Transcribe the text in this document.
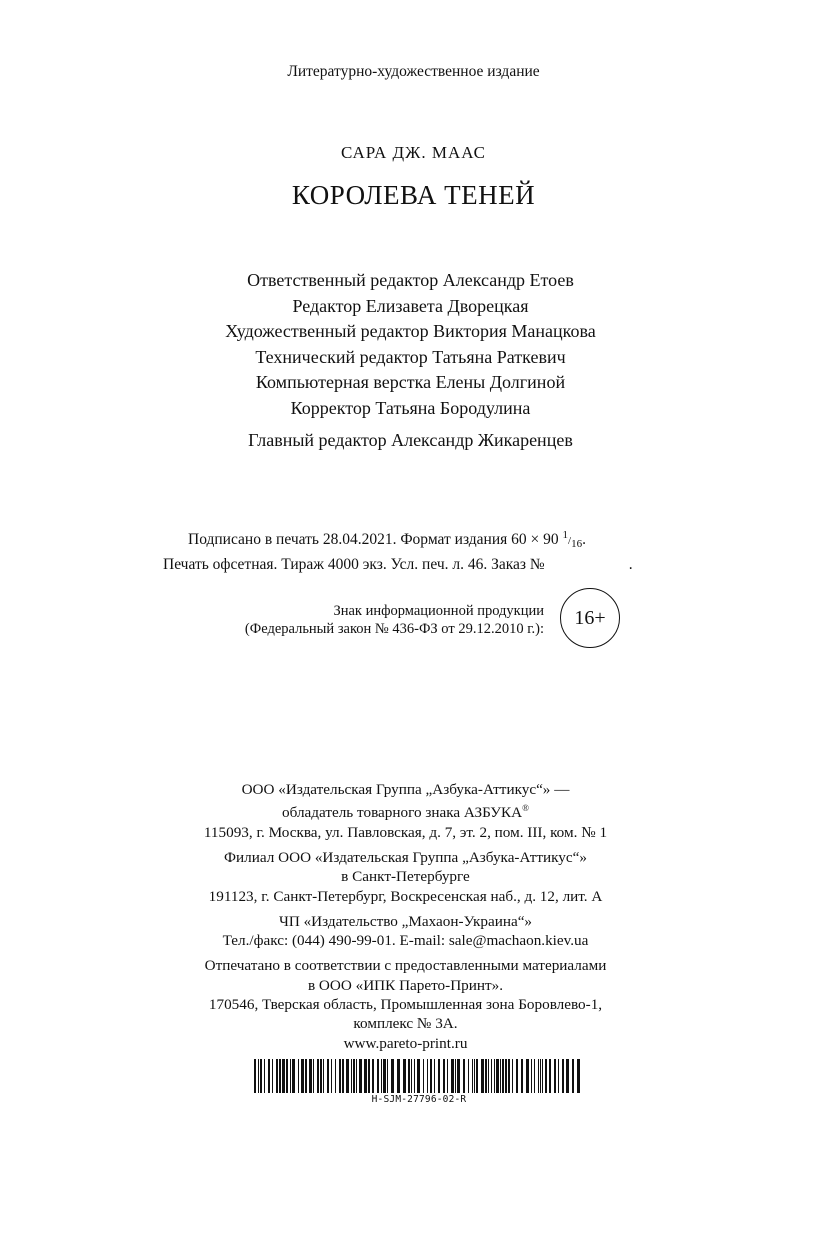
Литературно-художественное издание
САРА ДЖ. МААС
КОРОЛЕВА ТЕНЕЙ
Ответственный редактор Александр Етоев
Редактор Елизавета Дворецкая
Художественный редактор Виктория Манацкова
Технический редактор Татьяна Раткевич
Компьютерная верстка Елены Долгиной
Корректор Татьяна Бородулина
Главный редактор Александр Жикаренцев
Подписано в печать 28.04.2021. Формат издания 60 × 90 1/16.
Печать офсетная. Тираж 4000 экз. Усл. печ. л. 46. Заказ №	.
Знак информационной продукции
(Федеральный закон № 436-ФЗ от 29.12.2010 г.):
16+
ООО «Издательская Группа „Азбука-Аттикус“» —
обладатель товарного знака АЗБУКА®
115093, г. Москва, ул. Павловская, д. 7, эт. 2, пом. III, ком. № 1
Филиал ООО «Издательская Группа „Азбука-Аттикус“»
в Санкт-Петербурге
191123, г. Санкт-Петербург, Воскресенская наб., д. 12, лит. А
ЧП «Издательство „Махаон-Украина“»
Тел./факс: (044) 490-99-01. E-mail: sale@machaon.kiev.ua
Отпечатано в соответствии с предоставленными материалами
в ООО «ИПК Парето-Принт».
170546, Тверская область, Промышленная зона Боровлево-1,
комплекс № 3А.
www.pareto-print.ru
H-SJM-27796-02-R
